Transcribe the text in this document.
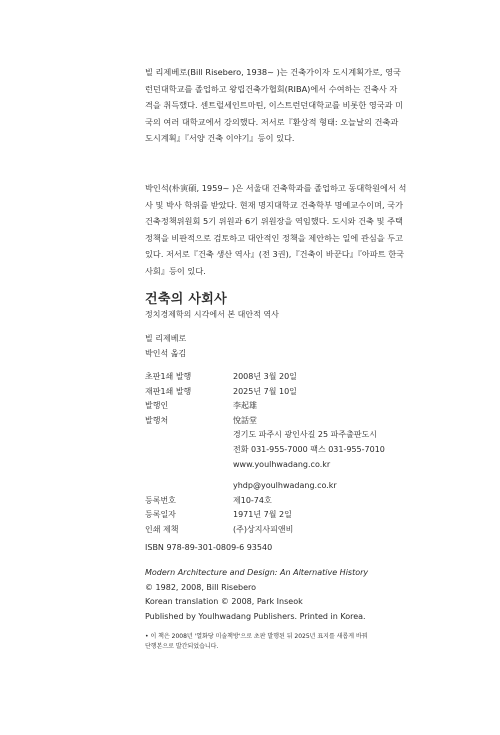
빌 리제베로(Bill Risebero, 1938~ )는 건축가이자 도시계획가로, 영국
런던대학교를 졸업하고 왕립건축가협회(RIBA)에서 수여하는 건축사 자
격을 취득했다. 센트럴세인트마틴, 이스트런던대학교를 비롯한 영국과 미
국의 여러 대학교에서 강의했다. 저서로『환상적 형태: 오늘날의 건축과
도시계획』『서양 건축 이야기』등이 있다.
박인석(朴寅碩, 1959~ )은 서울대 건축학과를 졸업하고 동대학원에서 석
사 및 박사 학위를 받았다. 현재 명지대학교 건축학부 명예교수이며, 국가
건축정책위원회 5기 위원과 6기 위원장을 역임했다. 도시와 건축 및 주택
정책을 비판적으로 검토하고 대안적인 정책을 제안하는 일에 관심을 두고
있다. 저서로『건축 생산 역사』(전 3권),『건축이 바꾼다』『아파트 한국
사회』등이 있다.
건축의 사회사

정치경제학의 시각에서 본 대안적 역사

빌 리제베로

박인석 옮김

초판1쇄 발행	2008년 3월 20일
재판1쇄 발행	2025년 7월 10일
발행인	李起雄
발행처	悅話堂
경기도 파주시 광인사길 25 파주출판도시
전화 031-955-7000 팩스 031-955-7010
www.youlhwadang.co.kr
yhdp@youlhwadang.co.kr
등록번호	제10-74호
등록일자	1971년 7월 2일
인쇄 제책	(주)상지사피앤비

ISBN 978-89-301-0809-6 93540

Modern Architecture and Design: An Alternative History
© 1982, 2008, Bill Risebero
Korean translation © 2008, Park Inseok
Published by Youlhwadang Publishers. Printed in Korea.
• 이 책은 2008년 '열화당 미술책방'으로 초판 발행된 뒤 2025년 표지를 새롭게 바꿔
단행본으로 발간되었습니다.
